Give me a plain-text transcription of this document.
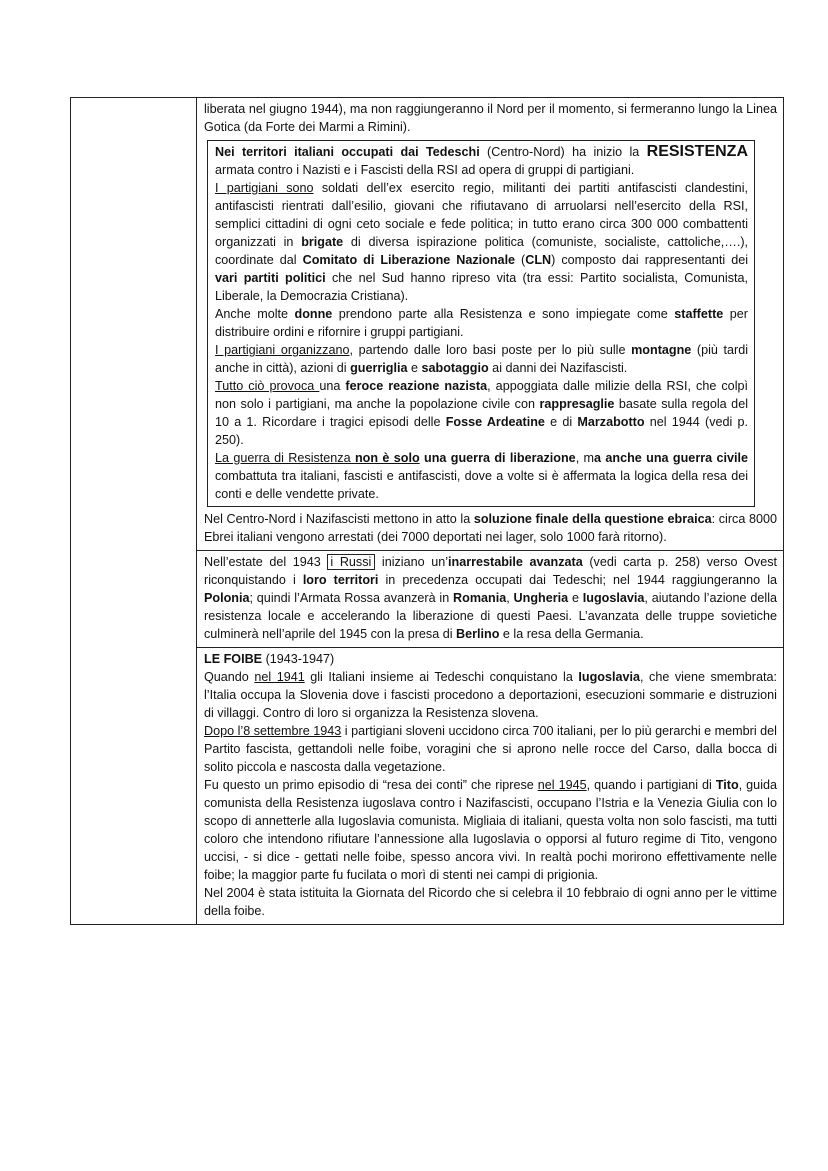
liberata nel giugno 1944), ma non raggiungeranno il Nord per il momento, si fermeranno lungo la Linea Gotica (da Forte dei Marmi a Rimini).

Nei territori italiani occupati dai Tedeschi (Centro-Nord) ha inizio la RESISTENZA armata contro i Nazisti e i Fascisti della RSI ad opera di gruppi di partigiani.

I partigiani sono soldati dell’ex esercito regio, militanti dei partiti antifascisti clandestini, antifascisti rientrati dall’esilio, giovani che rifiutavano di arruolarsi nell’esercito della RSI, semplici cittadini di ogni ceto sociale e fede politica; in tutto erano circa 300 000 combattenti organizzati in brigate di diversa ispirazione politica (comuniste, socialiste, cattoliche,….), coordinate dal Comitato di Liberazione Nazionale (CLN) composto dai rappresentanti dei vari partiti politici che nel Sud hanno ripreso vita (tra essi: Partito socialista, Comunista, Liberale, la Democrazia Cristiana).

Anche molte donne prendono parte alla Resistenza e sono impiegate come staffette per distribuire ordini e rifornire i gruppi partigiani.

I partigiani organizzano, partendo dalle loro basi poste per lo più sulle montagne (più tardi anche in città), azioni di guerriglia e sabotaggio ai danni dei Nazifascisti.

Tutto ciò provoca una feroce reazione nazista, appoggiata dalle milizie della RSI, che colpì non solo i partigiani, ma anche la popolazione civile con rappresaglie basate sulla regola del 10 a 1. Ricordare i tragici episodi delle Fosse Ardeatine e di Marzabotto nel 1944 (vedi p. 250).

La guerra di Resistenza non è solo una guerra di liberazione, ma anche una guerra civile combattuta tra italiani, fascisti e antifascisti, dove a volte si è affermata la logica della resa dei conti e delle vendette private.

Nel Centro-Nord i Nazifascisti mettono in atto la soluzione finale della questione ebraica: circa 8000 Ebrei italiani vengono arrestati (dei 7000 deportati nei lager, solo 1000 farà ritorno).

Nell’estate del 1943 i Russi iniziano un’inarrestabile avanzata (vedi carta p. 258) verso Ovest riconquistando i loro territori in precedenza occupati dai Tedeschi; nel 1944 raggiungeranno la Polonia; quindi l’Armata Rossa avanzerà in Romania, Ungheria e Iugoslavia, aiutando l’azione della resistenza locale e accelerando la liberazione di questi Paesi. L’avanzata delle truppe sovietiche culminerà nell’aprile del 1945 con la presa di Berlino e la resa della Germania.

LE FOIBE (1943-1947)

Quando nel 1941 gli Italiani insieme ai Tedeschi conquistano la Iugoslavia, che viene smembrata: l’Italia occupa la Slovenia dove i fascisti procedono a deportazioni, esecuzioni sommarie e distruzioni di villaggi. Contro di loro si organizza la Resistenza slovena.

Dopo l’8 settembre 1943 i partigiani sloveni uccidono circa 700 italiani, per lo più gerarchi e membri del Partito fascista, gettandoli nelle foibe, voragini che si aprono nelle rocce del Carso, dalla bocca di solito piccola e nascosta dalla vegetazione.

Fu questo un primo episodio di “resa dei conti” che riprese nel 1945, quando i partigiani di Tito, guida comunista della Resistenza iugoslava contro i Nazifascisti, occupano l’Istria e la Venezia Giulia con lo scopo di annetterle alla Iugoslavia comunista. Migliaia di italiani, questa volta non solo fascisti, ma tutti coloro che intendono rifiutare l’annessione alla Iugoslavia o opporsi al futuro regime di Tito, vengono uccisi, - si dice - gettati nelle foibe, spesso ancora vivi. In realtà pochi morirono effettivamente nelle foibe; la maggior parte fu fucilata o morì di stenti nei campi di prigionia.

Nel 2004 è stata istituita la Giornata del Ricordo che si celebra il 10 febbraio di ogni anno per le vittime della foibe.
